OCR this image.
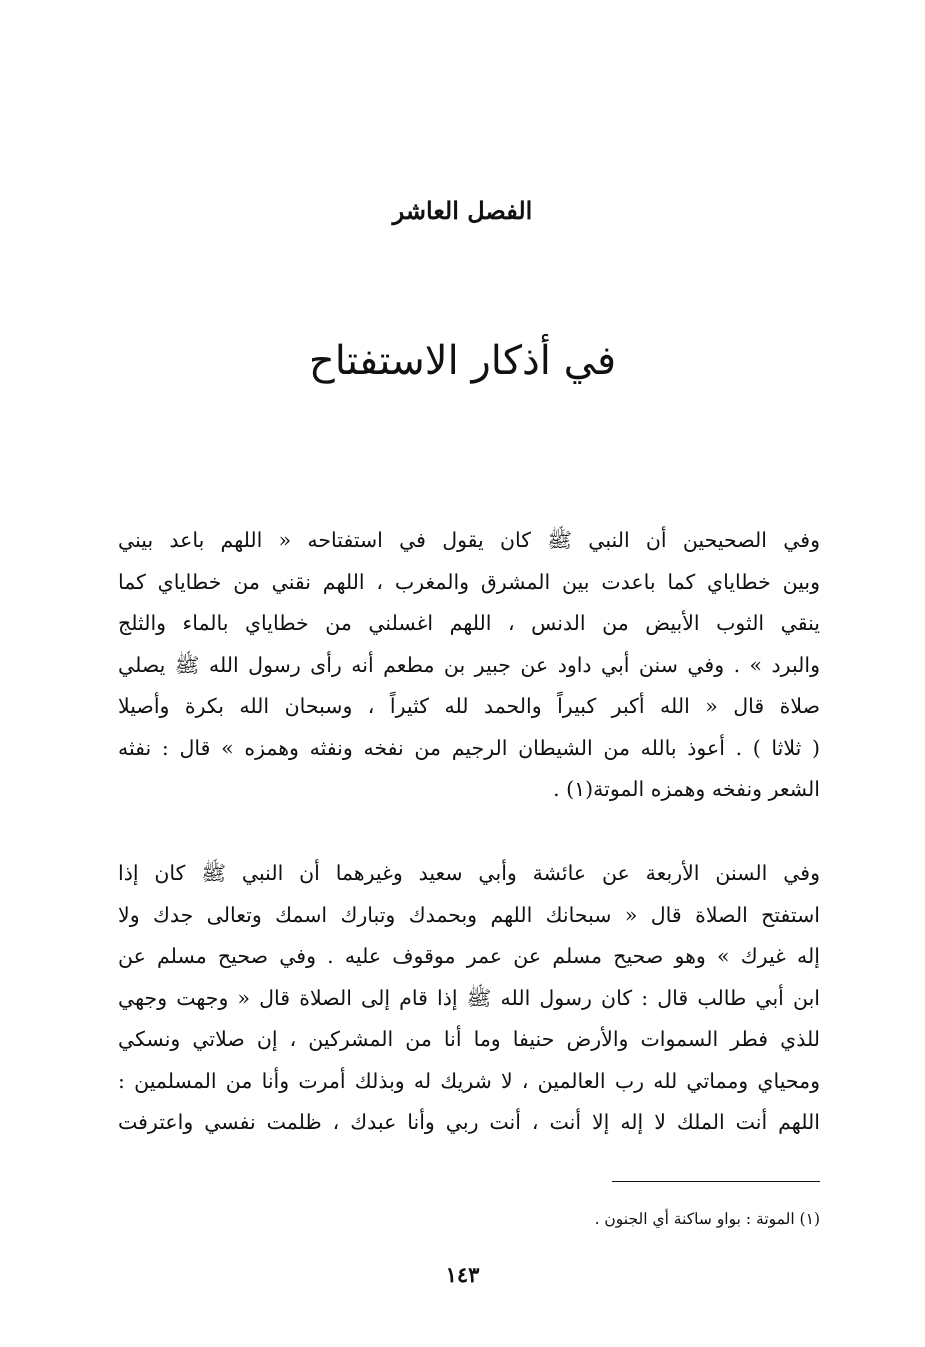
الفصل العاشر
في أذكار الاستفتاح
وفي الصحيحين أن النبي ﷺ كان يقول في استفتاحه « اللهم باعد بيني
وبين خطاياي كما باعدت بين المشرق والمغرب ، اللهم نقني من خطاياي كما
ينقي الثوب الأبيض من الدنس ، اللهم اغسلني من خطاياي بالماء والثلج
والبرد » . وفي سنن أبي داود عن جبير بن مطعم أنه رأى رسول الله ﷺ يصلي
صلاة قال « الله أكبر كبيراً والحمد لله كثيراً ، وسبحان الله بكرة وأصيلا
( ثلاثا ) . أعوذ بالله من الشيطان الرجيم من نفخه ونفثه وهمزه » قال : نفثه
الشعر ونفخه وهمزه الموتة(١) .
وفي السنن الأربعة عن عائشة وأبي سعيد وغيرهما أن النبي ﷺ كان إذا
استفتح الصلاة قال « سبحانك اللهم وبحمدك وتبارك اسمك وتعالى جدك ولا
إله غيرك » وهو صحيح مسلم عن عمر موقوف عليه . وفي صحيح مسلم عن
ابن أبي طالب قال : كان رسول الله ﷺ إذا قام إلى الصلاة قال « وجهت وجهي
للذي فطر السموات والأرض حنيفا وما أنا من المشركين ، إن صلاتي ونسكي
ومحياي ومماتي لله رب العالمين ، لا شريك له وبذلك أمرت وأنا من المسلمين :
اللهم أنت الملك لا إله إلا أنت ، أنت ربي وأنا عبدك ، ظلمت نفسي واعترفت
(١) الموتة : بواو ساكنة أي الجنون .
١٤٣
